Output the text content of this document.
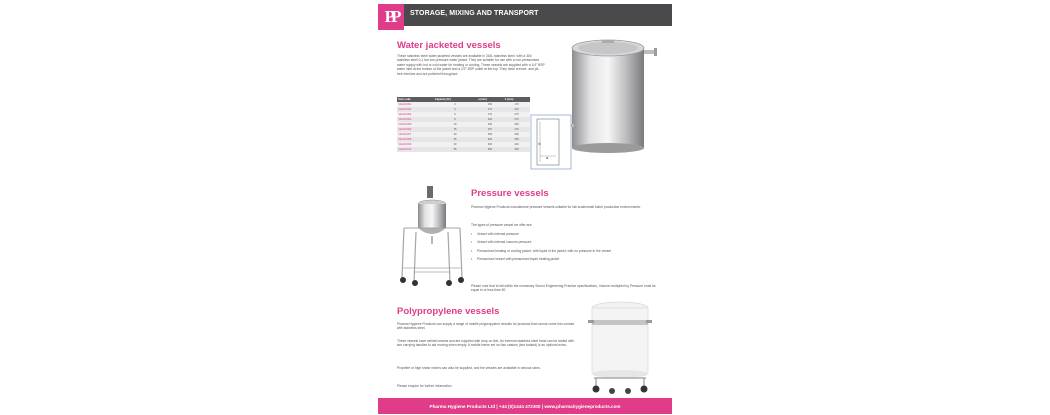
PP STORAGE, MIXING AND TRANSPORT
Water jacketed vessels

These stainless steel water jacketed vessels are available in 316L stainless steel, with a 304 stainless steel 0.1 bar low pressure water jacket. They are suitable for use with a non-pressurised water supply with hot or cold water for heating or cooling. These vessels are supplied with a 1/4" BSP water inlet at the bottom of the jacket and a 1/2" BSP outlet at the top. They have crevice- and pit-free interiors and are polished throughout.

Item code	Capacity (ltr)	a (mm)	b (mm)
VELWJ001	3	150	170
VELWJ002	5	170	220
VELWJ003	6	170	270
VELWJ004	8	200	270
VELWJ005	10	200	320
VELWJ006	15	257	270
VELWJ007	20	295	300
VELWJ008	25	300	360
VELWJ009	30	300	440
VELWJ010	35	350	330
b
a
Pressure vessels

Pharma Hygiene Products manufacture pressure vessels suitable for lab scale/small batch production environments.

The types of pressure vessel we offer are:

• Vessel with internal pressure
• Vessel with internal vacuum pressure
• Pressurised heating or cooling jacket, with liquid in the jacket, with no pressure in the vessel
• Pressurised vessel with pressurised liquid heating jacket

Please note that to fall within the necessary Sound Engineering Practice specifications, Volume multiplied by Pressure must be equal to or less than 50.

Polypropylene vessels

Pharma Hygiene Products can supply a range of mobile polypropylene vessels for products that cannot come into contact with stainless steel.

These vessels have welded seams and are supplied with drop on lids. An external stainless steel band can be added with two carrying handles to aid moving when empty. A mobile frame set on four castors (two braked) is an optional extra.

Propeller or high shear mixers can also be supplied, and the vessels are available in various sizes.

Please enquire for further information.

Pharma Hygiene Products Ltd | +44 (0)1444 472300 | www.pharmahygieneproducts.com
